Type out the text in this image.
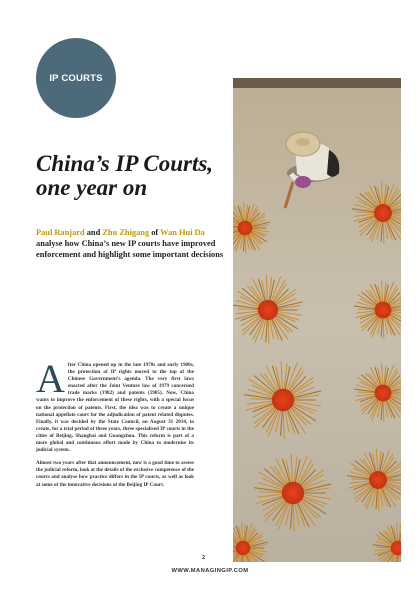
IP COURTS
China’s IP Courts, one year on

Paul Ranjard and Zhu Zhigang of Wan Hui Da analyse how China’s new IP courts have improved enforcement and highlight some important decisions

After China opened up in the late 1970s and early 1980s, the protection of IP rights moved to the top of the Chinese Government’s agenda. The very first laws enacted after the Joint Venture law of 1979 concerned trade marks (1982) and patents (1985). Now, China wants to improve the enforcement of these rights, with a special focus on the protection of patents. First, the idea was to create a unique national appellate court for the adjudication of patent related disputes. Finally, it was decided by the State Council, on August 31 2014, to create, for a trial period of three years, three specialised IP courts in the cities of Beijing, Shanghai and Guangzhou. This reform is part of a more global and continuous effort made by China to modernise its judicial system.

Almost two years after that announcement, now is a good time to assess the judicial reform, look at the details of the exclusive competence of the courts and analyse how practice differs in the IP courts, as well as look at some of the innovative decisions of the Beijing IP Court.

2
WWW.MANAGINGIP.COM
